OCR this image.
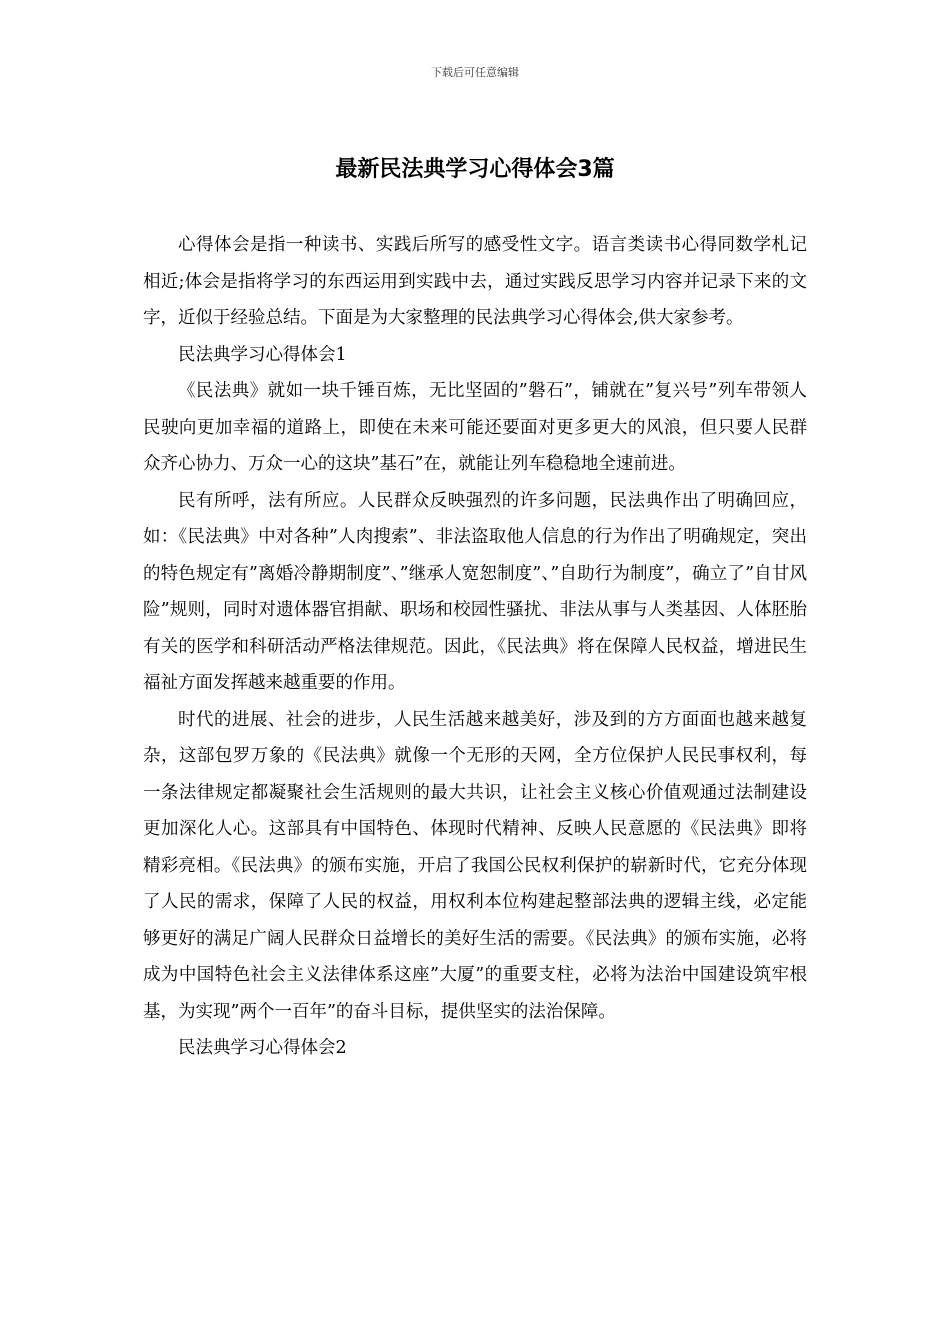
下载后可任意编辑
最新民法典学习心得体会3篇

心得体会是指一种读书、实践后所写的感受性文字。语言类读书心得同数学札记相近;体会是指将学习的东西运用到实践中去，通过实践反思学习内容并记录下来的文字，近似于经验总结。下面是为大家整理的民法典学习心得体会,供大家参考。

民法典学习心得体会1

《民法典》就如一块千锤百炼，无比坚固的”磐石”，铺就在”复兴号”列车带领人民驶向更加幸福的道路上，即使在未来可能还要面对更多更大的风浪，但只要人民群众齐心协力、万众一心的这块”基石”在，就能让列车稳稳地全速前进。

民有所呼，法有所应。人民群众反映强烈的许多问题，民法典作出了明确回应，如：《民法典》中对各种”人肉搜索”、非法盗取他人信息的行为作出了明确规定，突出的特色规定有”离婚冷静期制度”、”继承人宽恕制度”、”自助行为制度”，确立了”自甘风险”规则，同时对遗体器官捐献、职场和校园性骚扰、非法从事与人类基因、人体胚胎有关的医学和科研活动严格法律规范。因此，《民法典》将在保障人民权益，增进民生福祉方面发挥越来越重要的作用。

时代的进展、社会的进步，人民生活越来越美好，涉及到的方方面面也越来越复杂，这部包罗万象的《民法典》就像一个无形的天网，全方位保护人民民事权利，每一条法律规定都凝聚社会生活规则的最大共识，让社会主义核心价值观通过法制建设更加深化人心。这部具有中国特色、体现时代精神、反映人民意愿的《民法典》即将精彩亮相。《民法典》的颁布实施，开启了我国公民权利保护的崭新时代，它充分体现了人民的需求，保障了人民的权益，用权利本位构建起整部法典的逻辑主线，必定能够更好的满足广阔人民群众日益增长的美好生活的需要。《民法典》的颁布实施，必将成为中国特色社会主义法律体系这座”大厦”的重要支柱，必将为法治中国建设筑牢根基，为实现”两个一百年”的奋斗目标，提供坚实的法治保障。

民法典学习心得体会2
